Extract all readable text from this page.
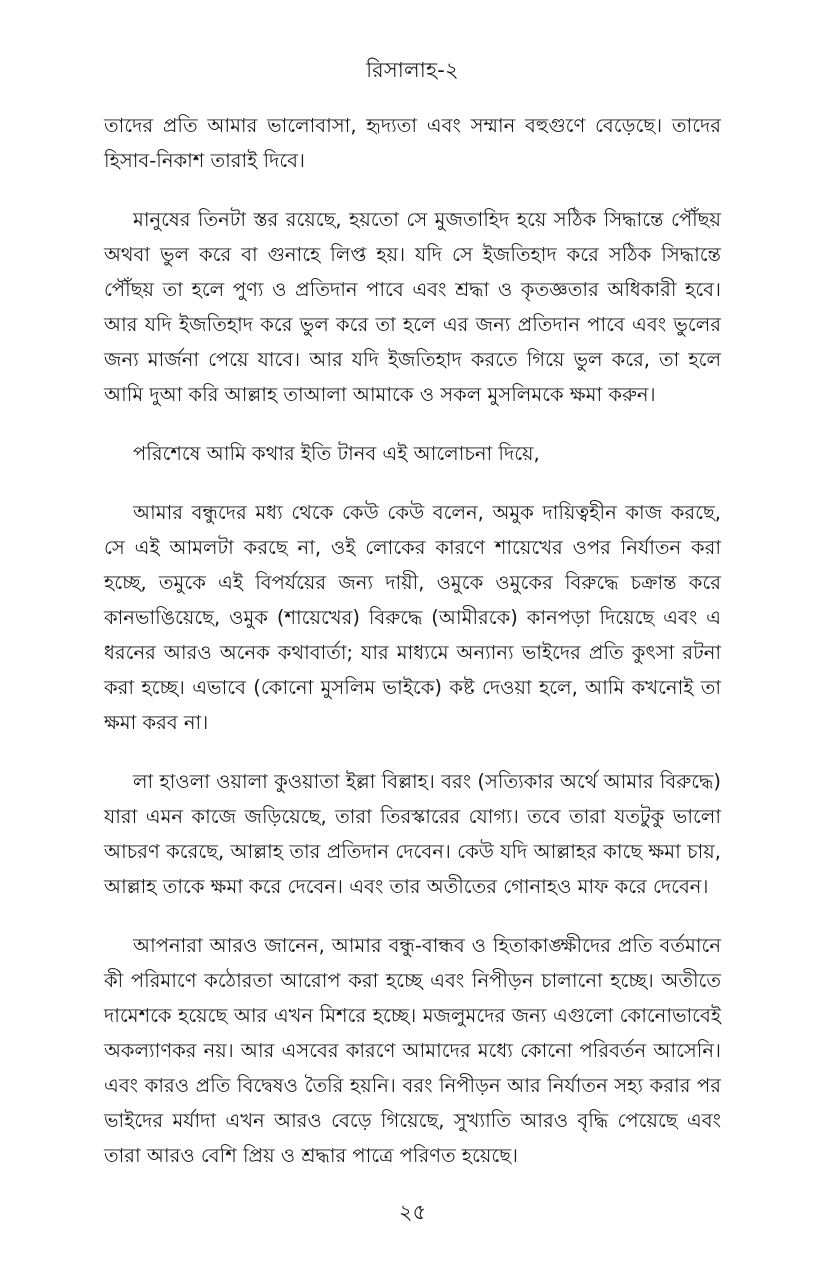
রিসালাহ-২

তাদের প্রতি আমার ভালোবাসা, হৃদ্যতা এবং সম্মান বহুগুণে বেড়েছে। তাদের হিসাব-নিকাশ তারাই দিবে।

মানুষের তিনটা স্তর রয়েছে, হয়তো সে মুজতাহিদ হয়ে সঠিক সিদ্ধান্তে পৌঁছয় অথবা ভুল করে বা গুনাহে লিপ্ত হয়। যদি সে ইজতিহাদ করে সঠিক সিদ্ধান্তে পৌঁছয় তা হলে পুণ্য ও প্রতিদান পাবে এবং শ্রদ্ধা ও কৃতজ্ঞতার অধিকারী হবে। আর যদি ইজতিহাদ করে ভুল করে তা হলে এর জন্য প্রতিদান পাবে এবং ভুলের জন্য মার্জনা পেয়ে যাবে। আর যদি ইজতিহাদ করতে গিয়ে ভুল করে, তা হলে আমি দুআ করি আল্লাহ তাআলা আমাকে ও সকল মুসলিমকে ক্ষমা করুন।

পরিশেষে আমি কথার ইতি টানব এই আলোচনা দিয়ে,

আমার বন্ধুদের মধ্য থেকে কেউ কেউ বলেন, অমুক দায়িত্বহীন কাজ করছে, সে এই আমলটা করছে না, ওই লোকের কারণে শায়েখের ওপর নির্যাতন করা হচ্ছে, তমুকে এই বিপর্যয়ের জন্য দায়ী, ওমুকে ওমুকের বিরুদ্ধে চক্রান্ত করে কানভাঙিয়েছে, ওমুক (শায়েখের) বিরুদ্ধে (আমীরকে) কানপড়া দিয়েছে এবং এ ধরনের আরও অনেক কথাবার্তা; যার মাধ্যমে অন্যান্য ভাইদের প্রতি কুৎসা রটনা করা হচ্ছে। এভাবে (কোনো মুসলিম ভাইকে) কষ্ট দেওয়া হলে, আমি কখনোই তা ক্ষমা করব না।

লা হাওলা ওয়ালা কুওয়াতা ইল্লা বিল্লাহ। বরং (সত্যিকার অর্থে আমার বিরুদ্ধে) যারা এমন কাজে জড়িয়েছে, তারা তিরস্কারের যোগ্য। তবে তারা যতটুকু ভালো আচরণ করেছে, আল্লাহ তার প্রতিদান দেবেন। কেউ যদি আল্লাহর কাছে ক্ষমা চায়, আল্লাহ তাকে ক্ষমা করে দেবেন। এবং তার অতীতের গোনাহও মাফ করে দেবেন।

আপনারা আরও জানেন, আমার বন্ধু-বান্ধব ও হিতাকাঙ্ক্ষীদের প্রতি বর্তমানে কী পরিমাণে কঠোরতা আরোপ করা হচ্ছে এবং নিপীড়ন চালানো হচ্ছে। অতীতে দামেশকে হয়েছে আর এখন মিশরে হচ্ছে। মজলুমদের জন্য এগুলো কোনোভাবেই অকল্যাণকর নয়। আর এসবের কারণে আমাদের মধ্যে কোনো পরিবর্তন আসেনি। এবং কারও প্রতি বিদ্বেষও তৈরি হয়নি। বরং নিপীড়ন আর নির্যাতন সহ্য করার পর ভাইদের মর্যাদা এখন আরও বেড়ে গিয়েছে, সুখ্যাতি আরও বৃদ্ধি পেয়েছে এবং তারা আরও বেশি প্রিয় ও শ্রদ্ধার পাত্রে পরিণত হয়েছে।

২৫
